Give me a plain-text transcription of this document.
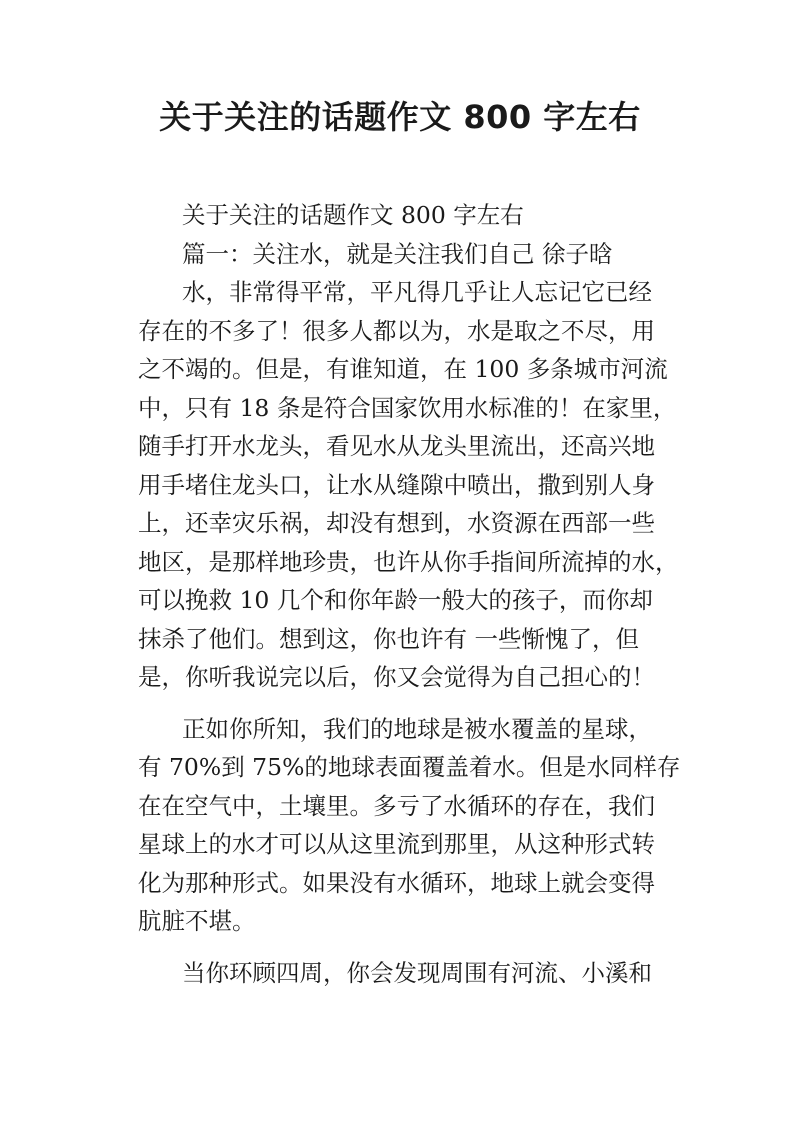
关于关注的话题作文 800 字左右
关于关注的话题作文 800 字左右
篇一：关注水，就是关注我们自己 徐子晗
水，非常得平常，平凡得几乎让人忘记它已经
存在的不多了！很多人都以为，水是取之不尽，用
之不竭的。但是，有谁知道，在 100 多条城市河流
中，只有 18 条是符合国家饮用水标准的！在家里，
随手打开水龙头，看见水从龙头里流出，还高兴地
用手堵住龙头口，让水从缝隙中喷出，撒到别人身
上，还幸灾乐祸，却没有想到，水资源在西部一些
地区，是那样地珍贵，也许从你手指间所流掉的水，
可以挽救 10 几个和你年龄一般大的孩子，而你却
抹杀了他们。想到这，你也许有 一些惭愧了，但
是，你听我说完以后，你又会觉得为自己担心的！
正如你所知，我们的地球是被水覆盖的星球，
有 70%到 75%的地球表面覆盖着水。但是水同样存
在在空气中，土壤里。多亏了水循环的存在，我们
星球上的水才可以从这里流到那里，从这种形式转
化为那种形式。如果没有水循环，地球上就会变得
肮脏不堪。
当你环顾四周，你会发现周围有河流、小溪和
